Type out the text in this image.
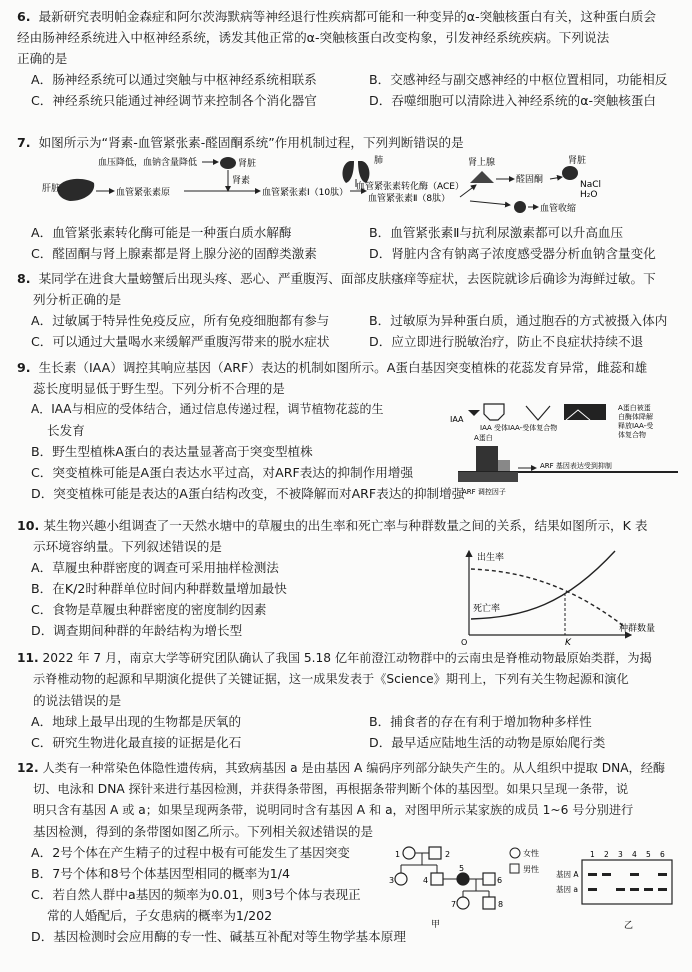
6. 最新研究表明帕金森症和阿尔茨海默病等神经退行性疾病都可能和一种变异的α-突触核蛋白有关，这种蛋白质会
经由肠神经系统进入中枢神经系统，诱发其他正常的α-突触核蛋白改变构象，引发神经系统疾病。下列说法
正确的是
A．肠神经系统可以通过突触与中枢神经系统相联系	B．交感神经与副交感神经的中枢位置相同，功能相反
C．神经系统只能通过神经调节来控制各个消化器官	D．吞噬细胞可以清除进入神经系统的α-突触核蛋白
7. 如图所示为“肾素-血管紧张素-醛固酮系统”作用机制过程，下列判断错误的是
血压降低，血钠含量降低	肾脏
肾素
肝脏	血管紧张素原	血管紧张素Ⅰ（10肽）
肺
血管紧张素转化酶（ACE）
血管紧张素Ⅱ（8肽）
肾上腺
醛固酮
肾脏
NaCl
H₂O
血管收缩
A．血管紧张素转化酶可能是一种蛋白质水解酶	B．血管紧张素Ⅱ与抗利尿激素都可以升高血压
C．醛固酮与肾上腺素都是肾上腺分泌的固醇类激素	D．肾脏内含有钠离子浓度感受器分析血钠含量变化
8. 某同学在进食大量螃蟹后出现头疼、恶心、严重腹泻、面部皮肤瘙痒等症状，去医院就诊后确诊为海鲜过敏。下
列分析正确的是
A．过敏属于特异性免疫反应，所有免疫细胞都有参与	B．过敏原为异种蛋白质，通过胞吞的方式被摄入体内
C．可以通过大量喝水来缓解严重腹泻带来的脱水症状	D．应立即进行脱敏治疗，防止不良症状持续不退
9. 生长素（IAA）调控其响应基因（ARF）表达的机制如图所示。A蛋白基因突变植株的花蕊发育异常，雌蕊和雄
蕊长度明显低于野生型。下列分析不合理的是
A．IAA与相应的受体结合，通过信息传递过程，调节植物花蕊的生
长发育
B．野生型植株A蛋白的表达量显著高于突变型植株
C．突变植株可能是A蛋白表达水平过高，对ARF表达的抑制作用增强
D．突变植株可能是表达的A蛋白结构改变，不被降解而对ARF表达的抑制增强
IAA
IAA 受体 IAA-受体复合物
A蛋白
A蛋白被蛋
白酶体降解
释放IAA-受
体复合物
ARF 调控因子
ARF 基因表达受到抑制
10. 某生物兴趣小组调查了一天然水塘中的草履虫的出生率和死亡率与种群数量之间的关系，结果如图所示，K 表
示环境容纳量。下列叙述错误的是
A．草履虫种群密度的调查可采用抽样检测法
B．在K/2时种群单位时间内种群数量增加最快
C．食物是草履虫种群密度的密度制约因素
D．调查期间种群的年龄结构为增长型
O
出生率
死亡率
K
种群数量
11. 2022 年 7 月，南京大学等研究团队确认了我国 5.18 亿年前澄江动物群中的云南虫是脊椎动物最原始类群，为揭
示脊椎动物的起源和早期演化提供了关键证据，这一成果发表于《Science》期刊上，下列有关生物起源和演化
的说法错误的是
A．地球上最早出现的生物都是厌氧的	B．捕食者的存在有利于增加物种多样性
C．研究生物进化最直接的证据是化石	D．最早适应陆地生活的动物是原始爬行类
12. 人类有一种常染色体隐性遗传病，其致病基因 a 是由基因 A 编码序列部分缺失产生的。从人组织中提取 DNA，经酶
切、电泳和 DNA 探针来进行基因检测，并获得条带图，再根据条带判断个体的基因型。如果只呈现一条带，说
明只含有基因 A 或 a；如果呈现两条带，说明同时含有基因 A 和 a，对图甲所示某家族的成员 1~6 号分别进行
基因检测，得到的条带图如图乙所示。下列相关叙述错误的是
A．2号个体在产生精子的过程中极有可能发生了基因突变
B．7号个体和8号个体基因型相同的概率为1/4
C．若自然人群中a基因的频率为0.01，则3号个体与表现正
常的人婚配后，子女患病的概率为1/202
D．基因检测时会应用酶的专一性、碱基互补配对等生物学基本原理
1	2
3	4
5
6
7	8
甲
女性
男性
1 2 3 4 5 6
基因 A
基因 a
乙
